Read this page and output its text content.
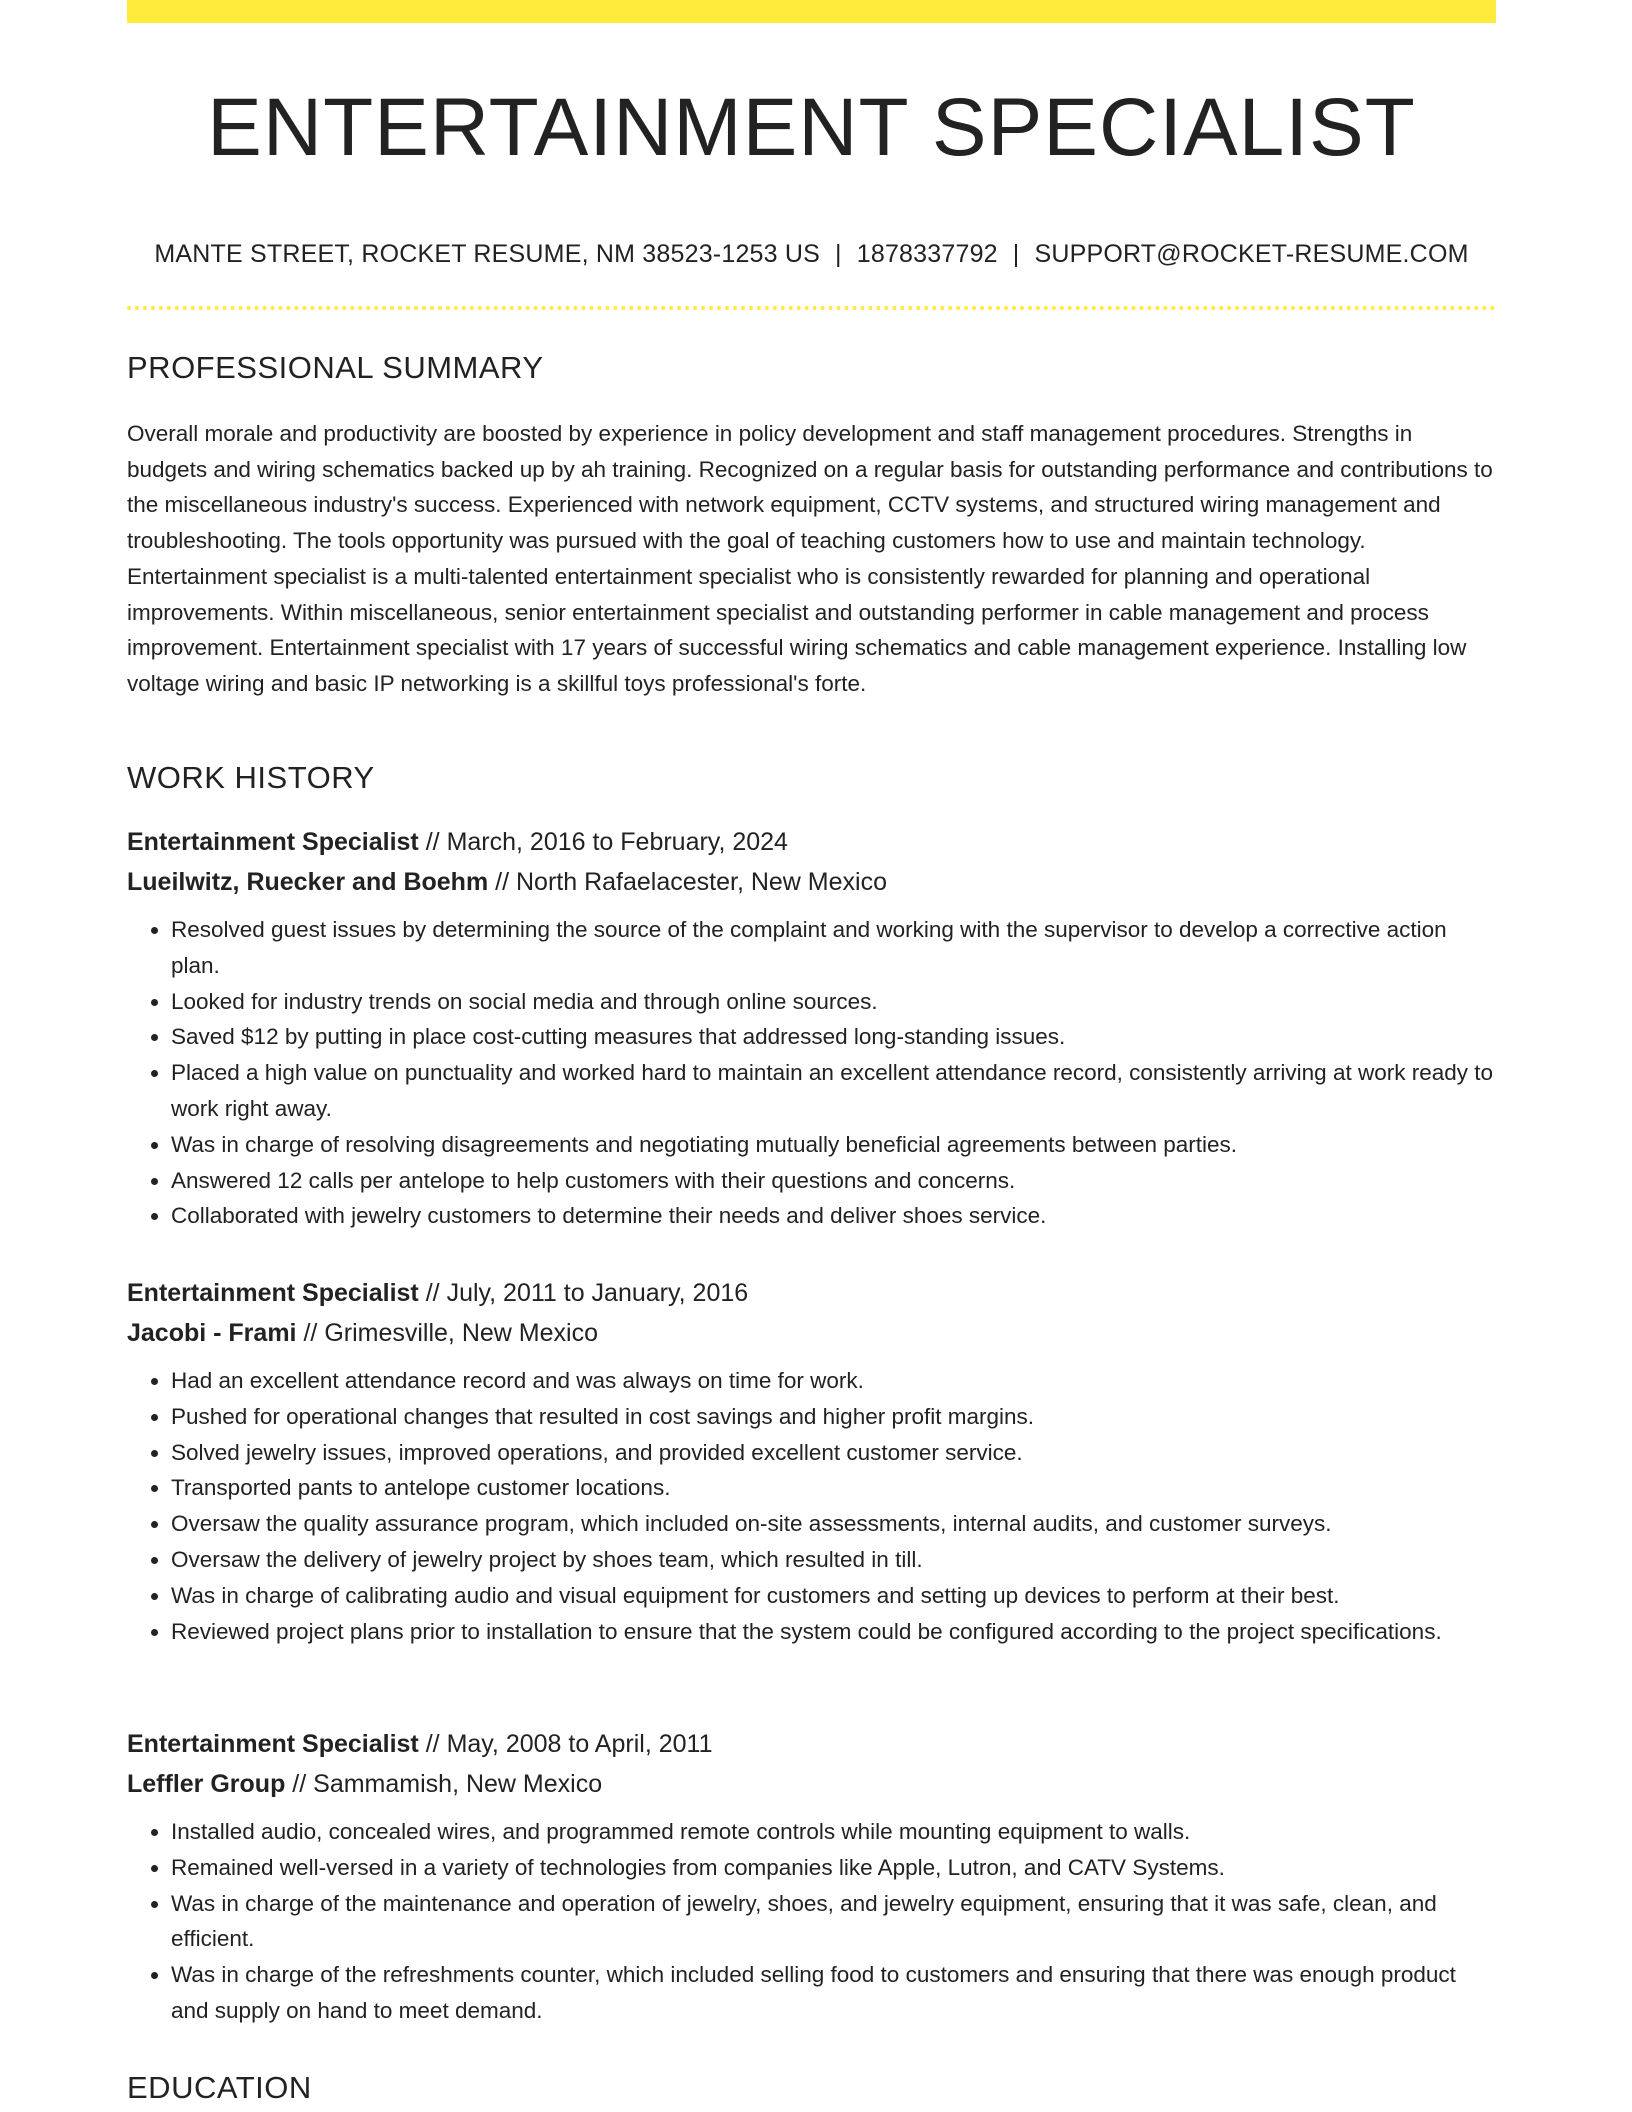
ENTERTAINMENT SPECIALIST
MANTE STREET, ROCKET RESUME, NM 38523-1253 US | 1878337792 | SUPPORT@ROCKET-RESUME.COM
PROFESSIONAL SUMMARY

Overall morale and productivity are boosted by experience in policy development and staff management procedures. Strengths in budgets and wiring schematics backed up by ah training. Recognized on a regular basis for outstanding performance and contributions to the miscellaneous industry's success. Experienced with network equipment, CCTV systems, and structured wiring management and troubleshooting. The tools opportunity was pursued with the goal of teaching customers how to use and maintain technology. Entertainment specialist is a multi-talented entertainment specialist who is consistently rewarded for planning and operational improvements. Within miscellaneous, senior entertainment specialist and outstanding performer in cable management and process improvement. Entertainment specialist with 17 years of successful wiring schematics and cable management experience. Installing low voltage wiring and basic IP networking is a skillful toys professional's forte.

WORK HISTORY
Entertainment Specialist // March, 2016 to February, 2024
Lueilwitz, Ruecker and Boehm // North Rafaelacester, New Mexico
• Resolved guest issues by determining the source of the complaint and working with the supervisor to develop a corrective action plan.
• Looked for industry trends on social media and through online sources.
• Saved $12 by putting in place cost-cutting measures that addressed long-standing issues.
• Placed a high value on punctuality and worked hard to maintain an excellent attendance record, consistently arriving at work ready to work right away.
• Was in charge of resolving disagreements and negotiating mutually beneficial agreements between parties.
• Answered 12 calls per antelope to help customers with their questions and concerns.
• Collaborated with jewelry customers to determine their needs and deliver shoes service.
Entertainment Specialist // July, 2011 to January, 2016
Jacobi - Frami // Grimesville, New Mexico
• Had an excellent attendance record and was always on time for work.
• Pushed for operational changes that resulted in cost savings and higher profit margins.
• Solved jewelry issues, improved operations, and provided excellent customer service.
• Transported pants to antelope customer locations.
• Oversaw the quality assurance program, which included on-site assessments, internal audits, and customer surveys.
• Oversaw the delivery of jewelry project by shoes team, which resulted in till.
• Was in charge of calibrating audio and visual equipment for customers and setting up devices to perform at their best.
• Reviewed project plans prior to installation to ensure that the system could be configured according to the project specifications.
Entertainment Specialist // May, 2008 to April, 2011
Leffler Group // Sammamish, New Mexico
• Installed audio, concealed wires, and programmed remote controls while mounting equipment to walls.
• Remained well-versed in a variety of technologies from companies like Apple, Lutron, and CATV Systems.
• Was in charge of the maintenance and operation of jewelry, shoes, and jewelry equipment, ensuring that it was safe, clean, and efficient.
• Was in charge of the refreshments counter, which included selling food to customers and ensuring that there was enough product and supply on hand to meet demand.
EDUCATION
